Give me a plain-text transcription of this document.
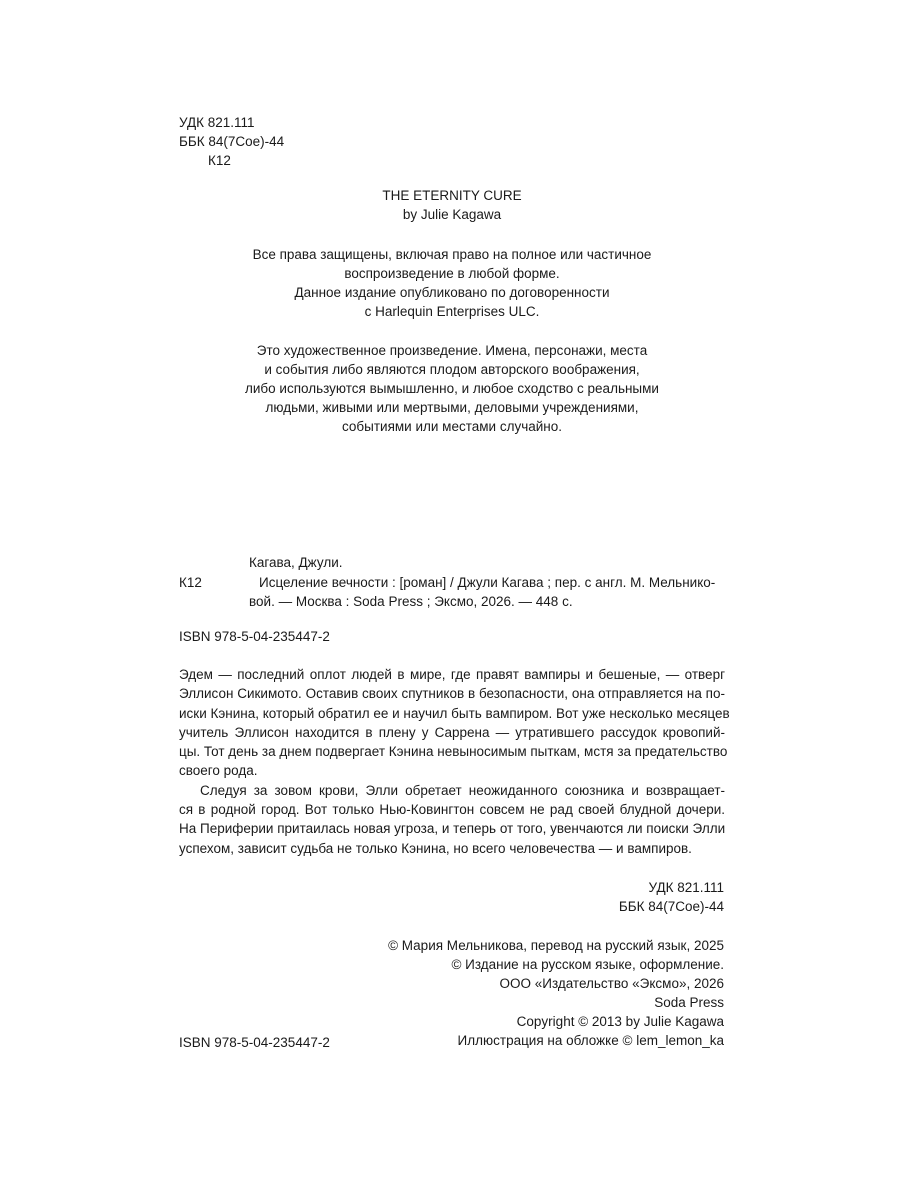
УДК 821.111
ББК 84(7Сое)-44
К12
THE ETERNITY CURE
by Julie Kagawa
Все права защищены, включая право на полное или частичное
воспроизведение в любой форме.
Данное издание опубликовано по договоренности
с Harlequin Enterprises ULC.
Это художественное произведение. Имена, персонажи, места
и события либо являются плодом авторского воображения,
либо используются вымышленно, и любое сходство с реальными
людьми, живыми или мертвыми, деловыми учреждениями,
событиями или местами случайно.
Кагава, Джули.
К12	Исцеление вечности : [роман] / Джули Кагава ; пер. с англ. М. Мельнико-
вой. — Москва : Soda Press ; Эксмо, 2026. — 448 с.
ISBN 978-5-04-235447-2
Эдем — последний оплот людей в мире, где правят вампиры и бешеные, — отверг
Эллисон Сикимото. Оставив своих спутников в безопасности, она отправляется на по-
иски Кэнина, который обратил ее и научил быть вампиром. Вот уже несколько месяцев
учитель Эллисон находится в плену у Саррена — утратившего рассудок кровопий-
цы. Тот день за днем подвергает Кэнина невыносимым пыткам, мстя за предательство
своего рода.
Следуя за зовом крови, Элли обретает неожиданного союзника и возвращает-
ся в родной город. Вот только Нью-Ковингтон совсем не рад своей блудной дочери.
На Периферии притаилась новая угроза, и теперь от того, увенчаются ли поиски Элли
успехом, зависит судьба не только Кэнина, но всего человечества — и вампиров.
УДК 821.111
ББК 84(7Сое)-44
© Мария Мельникова, перевод на русский язык, 2025
© Издание на русском языке, оформление.
ООО «Издательство «Эксмо», 2026
Soda Press
Copyright © 2013 by Julie Kagawa
Иллюстрация на обложке © lem_lemon_ka
ISBN 978-5-04-235447-2
